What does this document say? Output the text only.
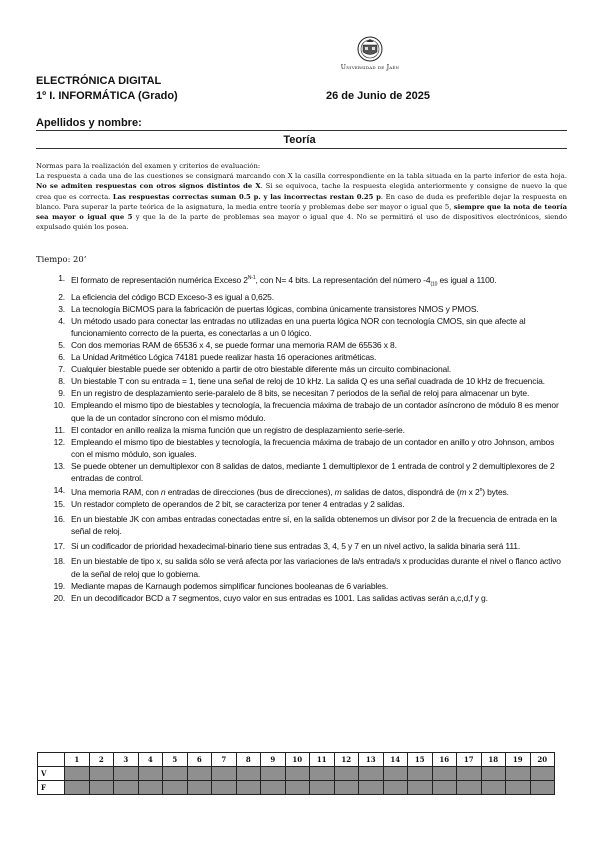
Universidad de Jaén
ELECTRÓNICA DIGITAL
1º I. INFORMÁTICA (Grado)	26 de Junio de 2025
Apellidos y nombre:
Teoría

Normas para la realización del examen y criterios de evaluación:

La respuesta a cada una de las cuestiones se consignará marcando con X la casilla correspondiente en la tabla situada en la parte inferior de esta hoja. No se admiten respuestas con otros signos distintos de X. Si se equivoca, tache la respuesta elegida anteriormente y consigne de nuevo la que crea que es correcta. Las respuestas correctas suman 0.5 p. y las incorrectas restan 0.25 p. En caso de duda es preferible dejar la respuesta en blanco. Para superar la parte teórica de la asignatura, la media entre teoría y problemas debe ser mayor o igual que 5, siempre que la nota de teoría sea mayor o igual que 5 y que la de la parte de problemas sea mayor o igual que 4. No se permitirá el uso de dispositivos electrónicos, siendo expulsado quién los posea.

Tiempo: 20’
1. El formato de representación numérica Exceso $2^{N-1}$, con N= 4 bits. La representación del número $-4_{(10}$ es igual a 1100.
2. La eficiencia del código BCD Exceso-3 es igual a 0,625.
3. La tecnología BiCMOS para la fabricación de puertas lógicas, combina únicamente transistores NMOS y PMOS.
4. Un método usado para conectar las entradas no utilizadas en una puerta lógica NOR con tecnología CMOS, sin que afecte al funcionamiento correcto de la puerta, es conectarlas a un 0 lógico.
5. Con dos memorias RAM de 65536 x 4, se puede formar una memoria RAM de 65536 x 8.
6. La Unidad Aritmético Lógica 74181 puede realizar hasta 16 operaciones aritméticas.
7. Cualquier biestable puede ser obtenido a partir de otro biestable diferente más un circuito combinacional.
8. Un biestable T con su entrada = 1, tiene una señal de reloj de 10 kHz. La salida Q es una señal cuadrada de 10 kHz de frecuencia.
9. En un registro de desplazamiento serie-paralelo de 8 bits, se necesitan 7 periodos de la señal de reloj para almacenar un byte.
10. Empleando el mismo tipo de biestables y tecnología, la frecuencia máxima de trabajo de un contador asíncrono de módulo 8 es menor que la de un contador síncrono con el mismo módulo.
11. El contador en anillo realiza la misma función que un registro de desplazamiento serie-serie.
12. Empleando el mismo tipo de biestables y tecnología, la frecuencia máxima de trabajo de un contador en anillo y otro Johnson, ambos con el mismo módulo, son iguales.
13. Se puede obtener un demultiplexor con 8 salidas de datos, mediante 1 demultiplexor de 1 entrada de control y 2 demultiplexores de 2 entradas de control.
14. Una memoria RAM, con n entradas de direcciones (bus de direcciones), m salidas de datos, dispondrá de (m x 2$^n$) bytes.
15. Un restador completo de operandos de 2 bit, se caracteriza por tener 4 entradas y 2 salidas.
16. En un biestable JK con ambas entradas conectadas entre sí, en la salida obtenemos un divisor por 2 de la frecuencia de entrada en la señal de reloj.
17. Si un codificador de prioridad hexadecimal-binario tiene sus entradas 3, 4, 5 y 7 en un nivel activo, la salida binaria será 111.
18. En un biestable de tipo x, su salida sólo se verá afecta por las variaciones de la/s entrada/s x producidas durante el nivel o flanco activo de la señal de reloj que lo gobierna.
19. Mediante mapas de Karnaugh podemos simplificar funciones booleanas de 6 variables.
20. En un decodificador BCD a 7 segmentos, cuyo valor en sus entradas es 1001. Las salidas activas serán a,c,d,f y g.
	1	2	3	4	5	6	7	8	9	10	11	12	13	14	15	16	17	18	19	20
V																				
F																				
